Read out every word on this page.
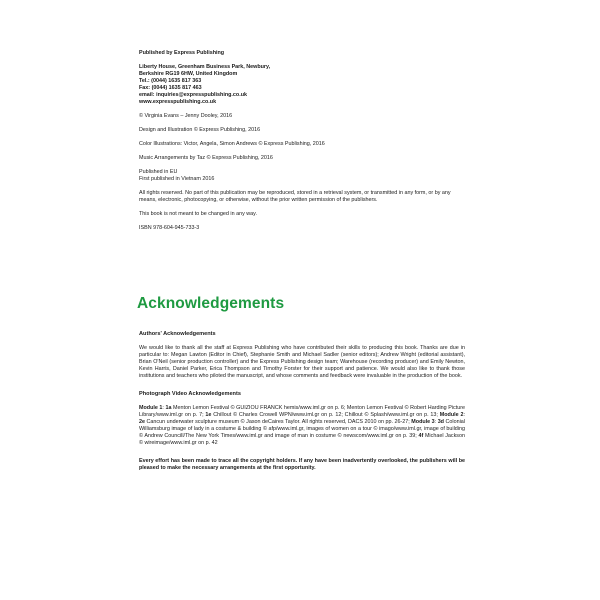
Published by Express Publishing

Liberty House, Greenham Business Park, Newbury,

Berkshire RG19 6HW, United Kingdom

Tel.: (0044) 1635 817 363

Fax: (0044) 1635 817 463

email: inquiries@expresspublishing.co.uk

www.expresspublishing.co.uk

© Virginia Evans – Jenny Dooley, 2016

Design and Illustration © Express Publishing, 2016

Color Illustrations: Victor, Angela, Simon Andrews © Express Publishing, 2016

Music Arrangements by Taz © Express Publishing, 2016

Published in EU

First published in Vietnam 2016

All rights reserved. No part of this publication may be reproduced, stored in a retrieval system, or transmitted in any form, or by any means, electronic, photocopying, or otherwise, without the prior written permission of the publishers.

This book is not meant to be changed in any way.

ISBN 978-604-945-733-3

Acknowledgements
Authors' Acknowledgements

We would like to thank all the staff at Express Publishing who have contributed their skills to producing this book. Thanks are due in particular to: Megan Lawton (Editor in Chief), Stephanie Smith and Michael Sadler (senior editors); Andrew Wright (editorial assistant), Brian O'Neil (senior production controller) and the Express Publishing design team; Warehouse (recording producer) and Emily Newton, Kevin Harris, Daniel Parker, Erica Thompson and Timothy Forster for their support and patience. We would also like to thank those institutions and teachers who piloted the manuscript, and whose comments and feedback were invaluable in the production of the book.

Photograph Video Acknowledgements

Module 1: 1a Menton Lemon Festival © GUIZIOU FRANCK hemis/www.iml.gr on p. 6; Menton Lemon Festival © Robert Harding Picture Library/www.iml.gr on p. 7; 1e Chillout © Charles Crowell WPN/www.iml.gr on p. 12; Chillout © Splash/www.iml.gr on p. 13; Module 2: 2e Cancun underwater sculpture museum © Jason deCaires Taylor. All rights reserved, DACS 2010 on pp. 26-27; Module 3: 3d Colonial Williamsburg image of lady in a costume & building © afp/www.iml.gr, images of women on a tour © imago/www.iml.gr, image of building © Andrew Councill/The New York Times/www.iml.gr and image of man in costume © newscom/www.iml.gr on p. 39; 4f Michael Jackson © wireimage/www.iml.gr on p. 42

Every effort has been made to trace all the copyright holders. If any have been inadvertently overlooked, the publishers will be pleased to make the necessary arrangements at the first opportunity.
